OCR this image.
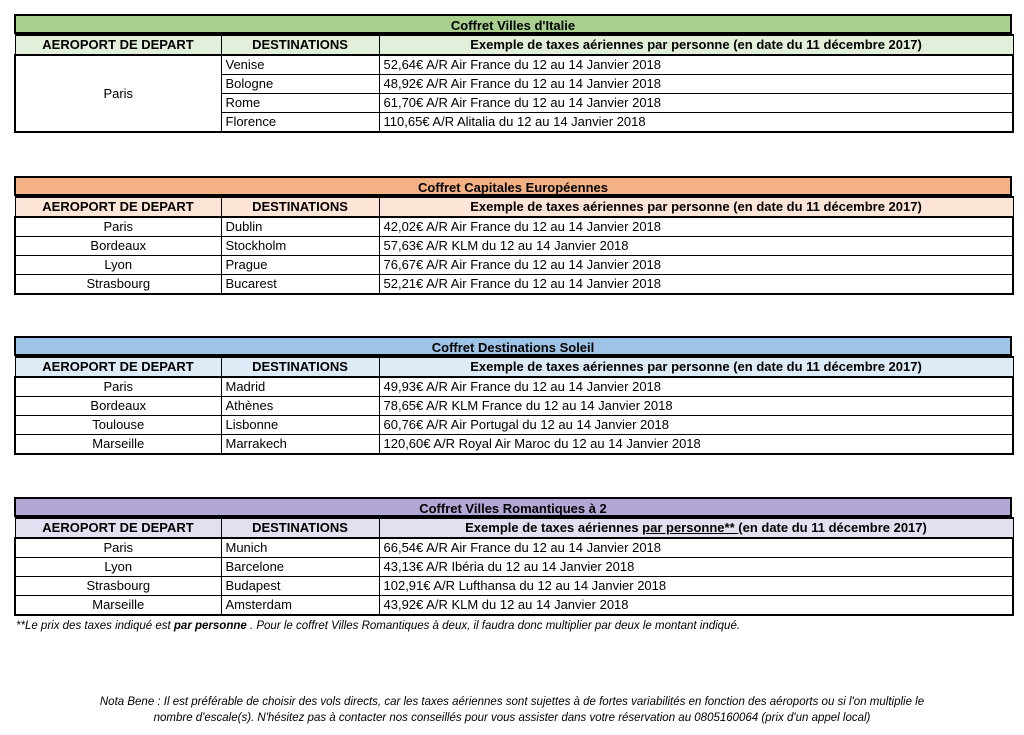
Coffret Villes d'Italie
AEROPORT DE DEPART	DESTINATIONS	Exemple de taxes aériennes par personne (en date du 11 décembre 2017)
Paris	Venise	52,64€ A/R Air France du 12 au 14 Janvier 2018
	Bologne	48,92€ A/R Air France du 12 au 14 Janvier 2018
	Rome	61,70€ A/R Air France du 12 au 14 Janvier 2018
	Florence	110,65€ A/R Alitalia du 12 au 14 Janvier 2018
Coffret Capitales Européennes
AEROPORT DE DEPART	DESTINATIONS	Exemple de taxes aériennes par personne (en date du 11 décembre 2017)
Paris	Dublin	42,02€ A/R Air France du 12 au 14 Janvier 2018
Bordeaux	Stockholm	57,63€ A/R KLM du 12 au 14 Janvier 2018
Lyon	Prague	76,67€ A/R Air France du 12 au 14 Janvier 2018
Strasbourg	Bucarest	52,21€ A/R Air France du 12 au 14 Janvier 2018
Coffret Destinations Soleil
AEROPORT DE DEPART	DESTINATIONS	Exemple de taxes aériennes par personne (en date du 11 décembre 2017)
Paris	Madrid	49,93€ A/R Air France du 12 au 14 Janvier 2018
Bordeaux	Athènes	78,65€ A/R KLM France du 12 au 14 Janvier 2018
Toulouse	Lisbonne	60,76€ A/R Air Portugal du 12 au 14 Janvier 2018
Marseille	Marrakech	120,60€ A/R Royal Air Maroc du 12 au 14 Janvier 2018
Coffret Villes Romantiques à 2
AEROPORT DE DEPART	DESTINATIONS	Exemple de taxes aériennes par personne** (en date du 11 décembre 2017)
Paris	Munich	66,54€ A/R Air France du 12 au 14 Janvier 2018
Lyon	Barcelone	43,13€ A/R Ibéria du 12 au 14 Janvier 2018
Strasbourg	Budapest	102,91€ A/R Lufthansa du 12 au 14 Janvier 2018
Marseille	Amsterdam	43,92€ A/R KLM du 12 au 14 Janvier 2018
**Le prix des taxes indiqué est par personne . Pour le coffret Villes Romantiques à deux, il faudra donc multiplier par deux le montant indiqué.
Nota Bene : Il est préférable de choisir des vols directs, car les taxes aériennes sont sujettes à de fortes variabilités en fonction des aéroports ou si l'on multiplie le
nombre d'escale(s). N'hésitez pas à contacter nos conseillés pour vous assister dans votre réservation au 0805160064 (prix d'un appel local)
